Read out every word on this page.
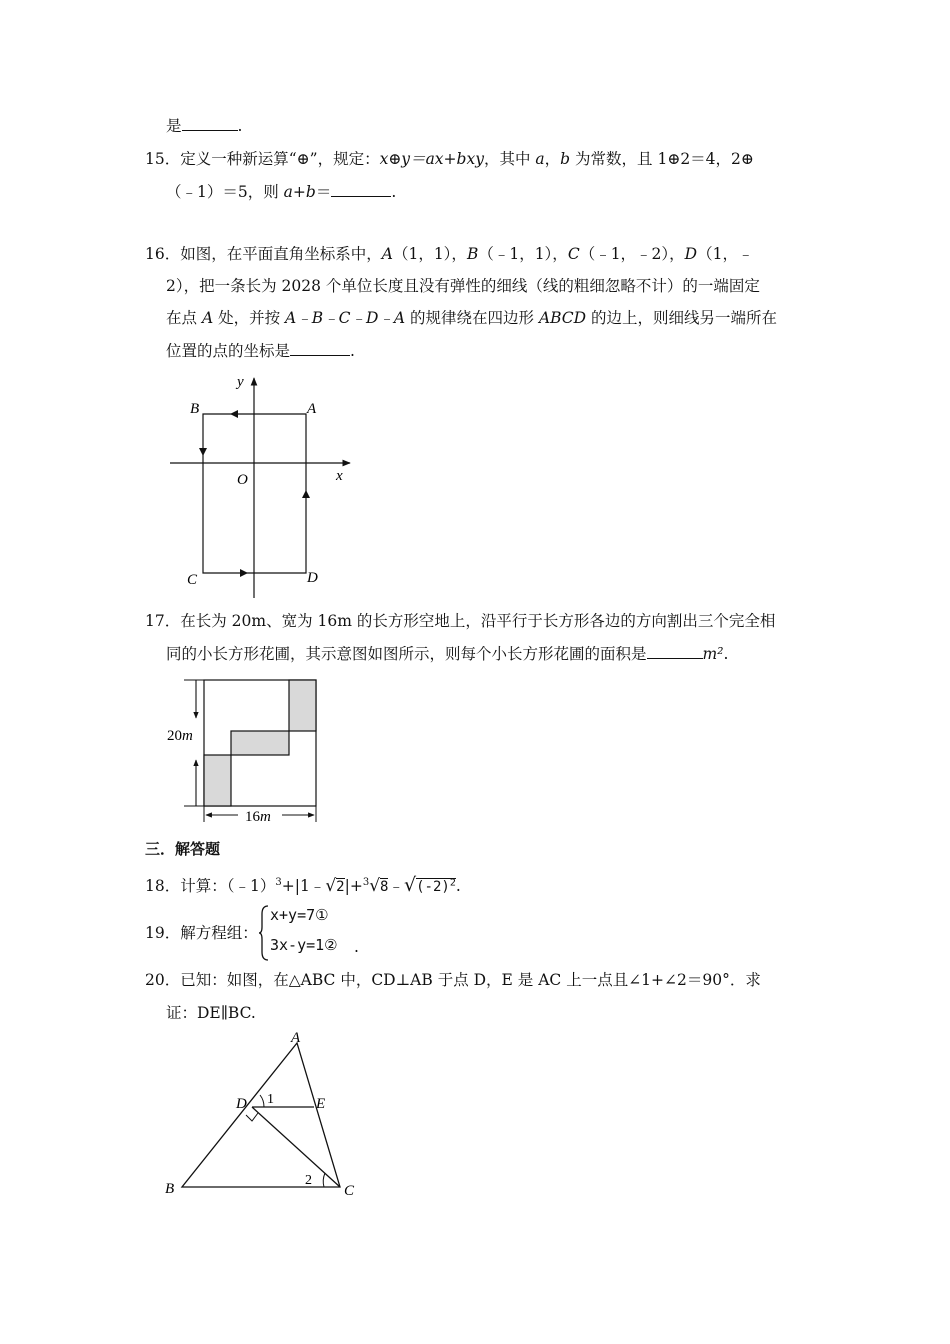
是	.
15．定义一种新运算“⊕”，规定：x⊕y＝ax+bxy，其中 a，b 为常数，且 1⊕2＝4，2⊕
（﹣1）＝5，则 a+b＝	.
16．如图，在平面直角坐标系中，A（1，1），B（﹣1，1），C（﹣1，﹣2），D（1，﹣
2），把一条长为 2028 个单位长度且没有弹性的细线（线的粗细忽略不计）的一端固定
在点 A 处，并按 A﹣B﹣C﹣D﹣A 的规律绕在四边形 ABCD 的边上，则细线另一端所在
位置的点的坐标是	.
y
x
O
A
B
C	D
17．在长为 20m、宽为 16m 的长方形空地上，沿平行于长方形各边的方向割出三个完全相
同的小长方形花圃，其示意图如图所示，则每个小长方形花圃的面积是	m².
20m
16m
三．解答题
18．计算：$(﹣1)^3+|1﹣√2|+^3√8﹣√(-2)^2$.
19．解方程组：
x+y=7①
3x-y=1② .
20．已知：如图，在△ABC 中，CD⊥AB 于点 D，E 是 AC 上一点且∠1+∠2＝90°．求
证：DE∥BC.
A
B	C
D	E
1
2
